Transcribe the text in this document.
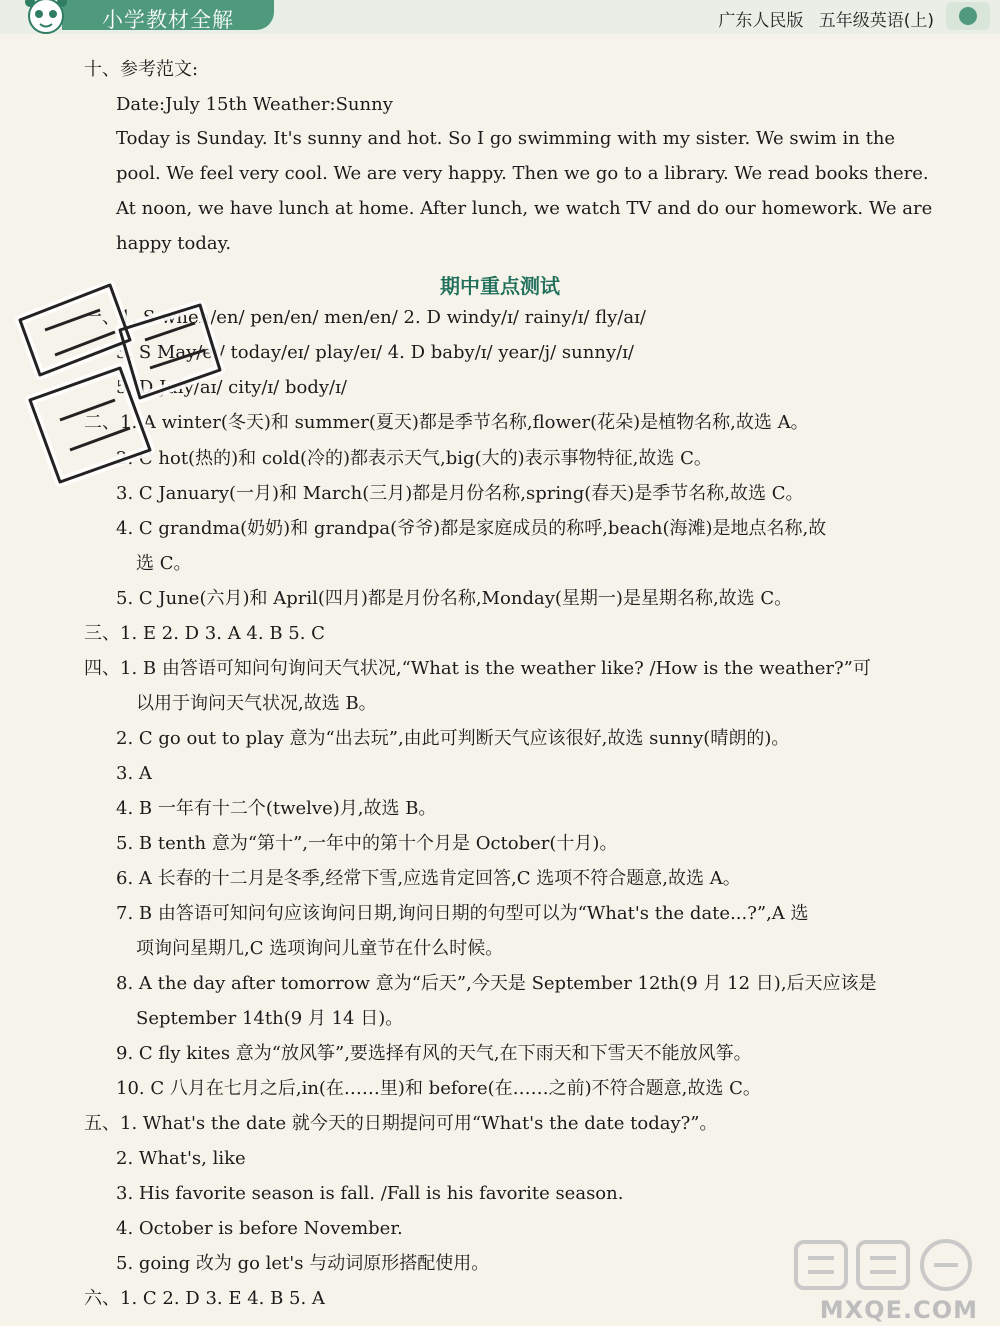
小学教材全解	广东人民版 五年级英语(上)
十、参考范文:
Date:July 15th Weather:Sunny
Today is Sunday. It's sunny and hot. So I go swimming with my sister. We swim in the
pool. We feel very cool. We are very happy. Then we go to a library. We read books there.
At noon, we have lunch at home. After lunch, we watch TV and do our homework. We are
happy today.
期中重点测试
一、1. S when/en/ pen/en/ men/en/ 2. D windy/ɪ/ rainy/ɪ/ fly/aɪ/
3. S May/eɪ/ today/eɪ/ play/eɪ/ 4. D baby/ɪ/ year/j/ sunny/ɪ/
5. D July/aɪ/ city/ɪ/ body/ɪ/
二、1. A winter(冬天)和 summer(夏天)都是季节名称,flower(花朵)是植物名称,故选 A。
2. C hot(热的)和 cold(冷的)都表示天气,big(大的)表示事物特征,故选 C。
3. C January(一月)和 March(三月)都是月份名称,spring(春天)是季节名称,故选 C。
4. C grandma(奶奶)和 grandpa(爷爷)都是家庭成员的称呼,beach(海滩)是地点名称,故
选 C。
5. C June(六月)和 April(四月)都是月份名称,Monday(星期一)是星期名称,故选 C。
三、1. E 2. D 3. A 4. B 5. C
四、1. B 由答语可知问句询问天气状况,“What is the weather like? /How is the weather?”可
以用于询问天气状况,故选 B。
2. C go out to play 意为“出去玩”,由此可判断天气应该很好,故选 sunny(晴朗的)。
3. A
4. B 一年有十二个(twelve)月,故选 B。
5. B tenth 意为“第十”,一年中的第十个月是 October(十月)。
6. A 长春的十二月是冬季,经常下雪,应选肯定回答,C 选项不符合题意,故选 A。
7. B 由答语可知问句应该询问日期,询问日期的句型可以为“What's the date...?”,A 选
项询问星期几,C 选项询问儿童节在什么时候。
8. A the day after tomorrow 意为“后天”,今天是 September 12th(9 月 12 日),后天应该是
September 14th(9 月 14 日)。
9. C fly kites 意为“放风筝”,要选择有风的天气,在下雨天和下雪天不能放风筝。
10. C 八月在七月之后,in(在……里)和 before(在……之前)不符合题意,故选 C。
五、1. What's the date 就今天的日期提问可用“What's the date today?”。
2. What's, like
3. His favorite season is fall. /Fall is his favorite season.
4. October is before November.
5. going 改为 go let's 与动词原形搭配使用。
六、1. C 2. D 3. E 4. B 5. A	MXQE.COM
